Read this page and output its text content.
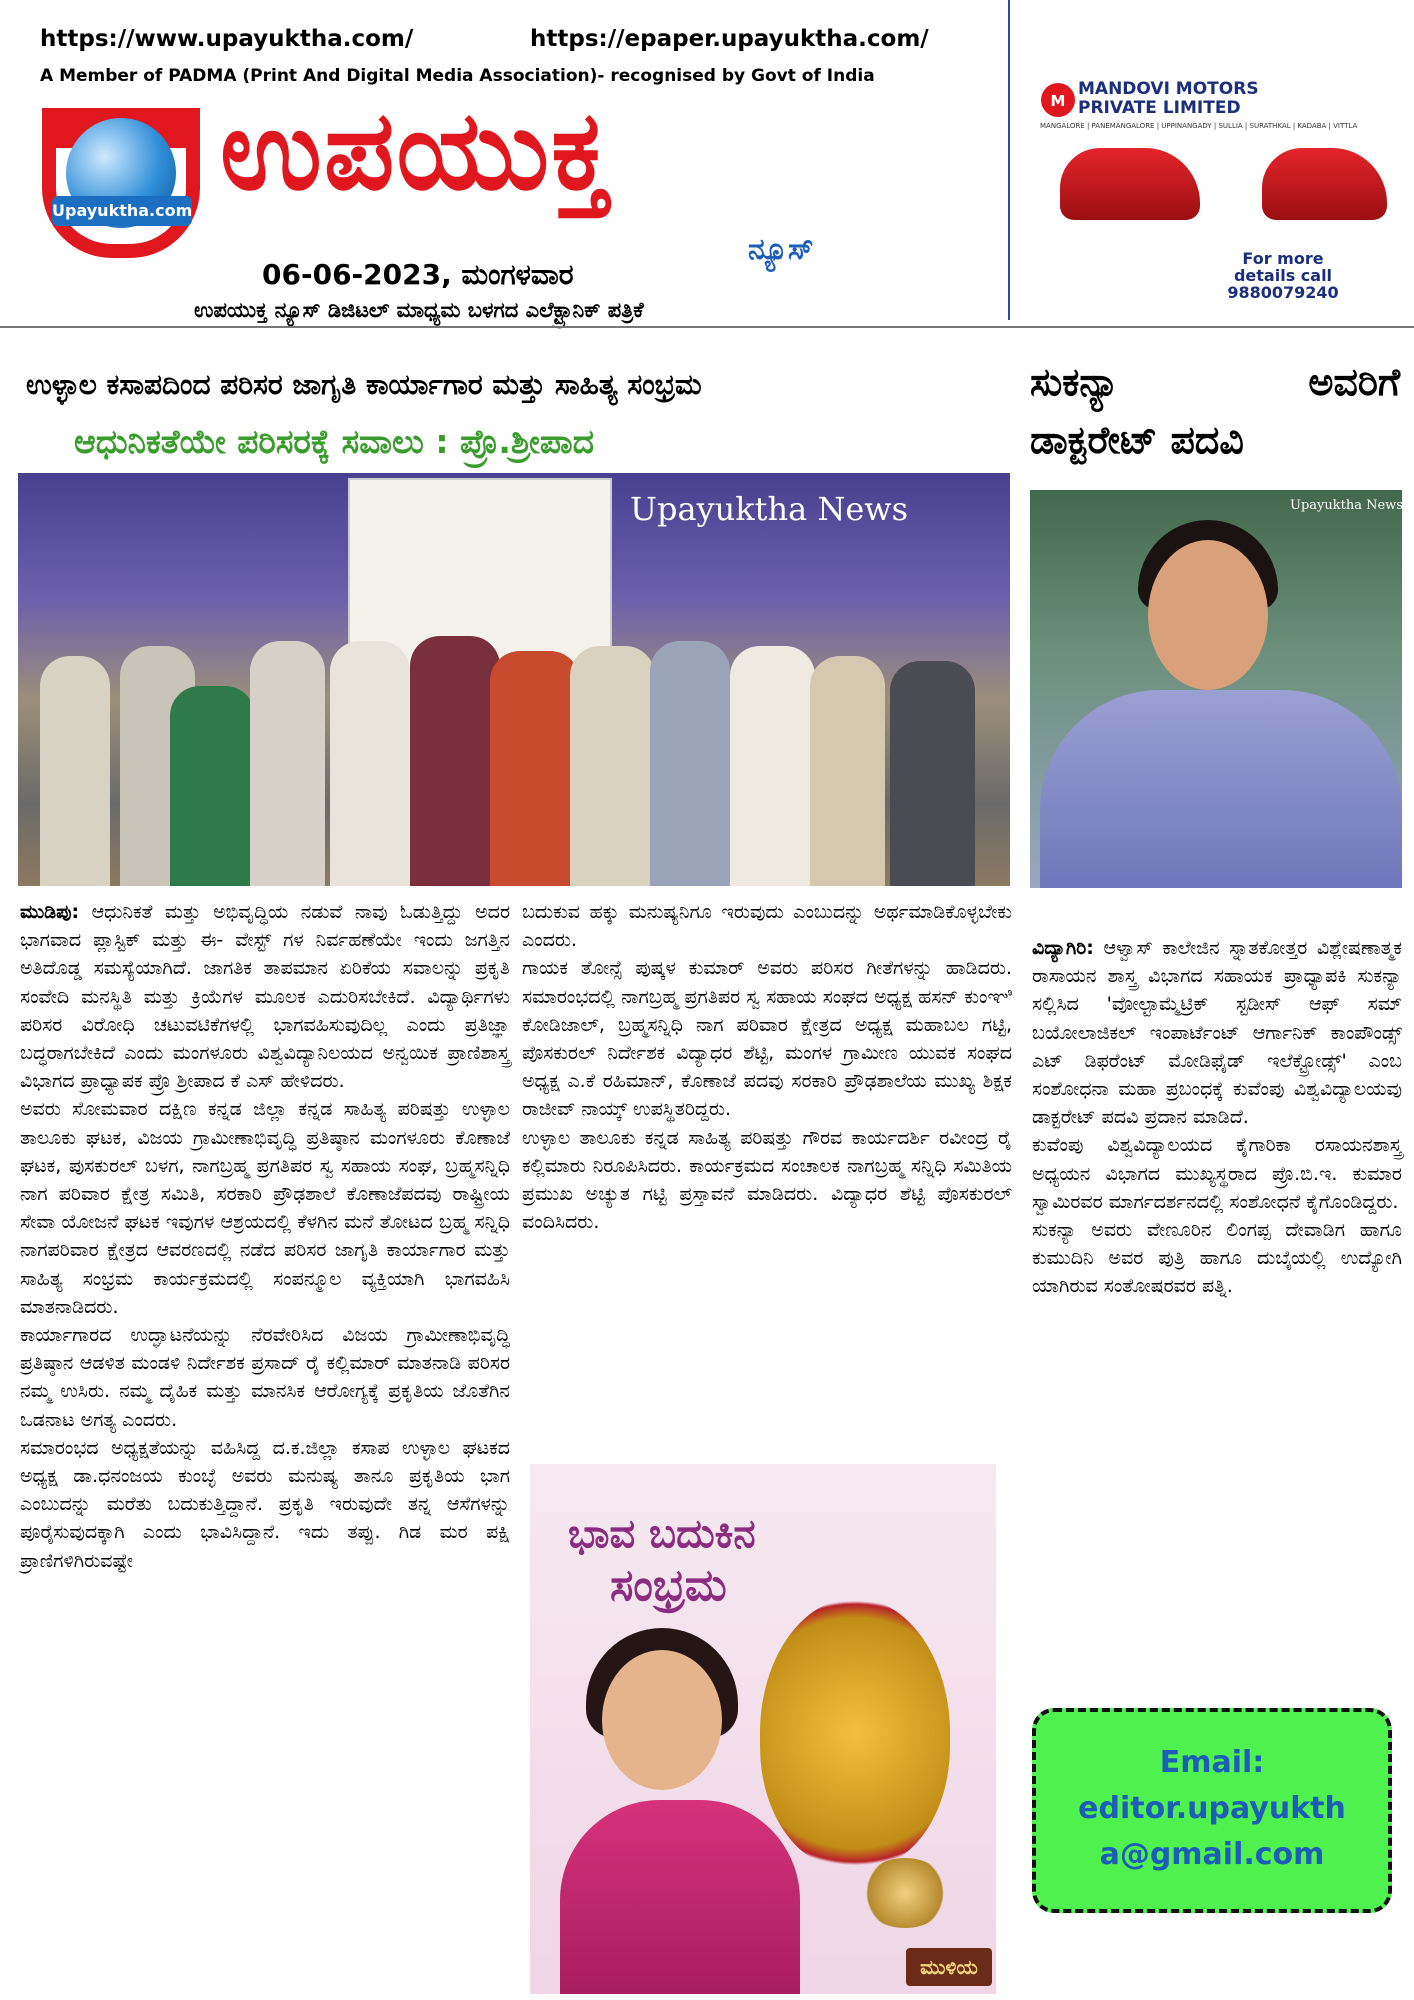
https://www.upayuktha.com/	https://epaper.upayuktha.com/
A Member of PADMA (Print And Digital Media Association)- recognised by Govt of India
Upayuktha.com ಉಪಯುಕ್ತ
ನ್ಯೂಸ್
06-06-2023, ಮಂಗಳವಾರ
ಉಪಯುಕ್ತ ನ್ಯೂಸ್ ಡಿಜಿಟಲ್ ಮಾಧ್ಯಮ ಬಳಗದ ಎಲೆಕ್ಟ್ರಾನಿಕ್ ಪತ್ರಿಕೆ
M
MANDOVI MOTORS PRIVATE LIMITED
MANGALORE | PANEMANGALORE | UPPINANGADY | SULLIA | SURATHKAL | KADABA | VITTLA
For more details call
9880079240
ಉಳ್ಳಾಲ ಕಸಾಪದಿಂದ ಪರಿಸರ ಜಾಗೃತಿ ಕಾರ್ಯಾಗಾರ ಮತ್ತು ಸಾಹಿತ್ಯ ಸಂಭ್ರಮ
ಆಧುನಿಕತೆಯೇ ಪರಿಸರಕ್ಕೆ ಸವಾಲು : ಪ್ರೊ.ಶ್ರೀಪಾದ
ಸುಕನ್ಯಾ	ಅವರಿಗೆ
ಡಾಕ್ಟರೇಟ್ ಪದವಿ
Upayuktha News	Upayuktha News

ಮುಡಿಪು: ಆಧುನಿಕತೆ ಮತ್ತು ಅಭಿವೃದ್ಧಿಯ ನಡುವೆ ನಾವು ಓಡುತ್ತಿದ್ದು ಅದರ ಭಾಗವಾದ ಪ್ಲಾಸ್ಟಿಕ್ ಮತ್ತು ಈ- ವೇಸ್ಟ್ ಗಳ ನಿರ್ವಹಣೆಯೇ ಇಂದು ಜಗತ್ತಿನ ಅತಿದೊಡ್ಡ ಸಮಸ್ಯೆಯಾಗಿದೆ. ಜಾಗತಿಕ ತಾಪಮಾನ ಏರಿಕೆಯ ಸವಾಲನ್ನು ಪ್ರಕೃತಿ ಸಂವೇದಿ ಮನಸ್ಥಿತಿ ಮತ್ತು ಕ್ರಿಯೆಗಳ ಮೂಲಕ ಎದುರಿಸಬೇಕಿದೆ. ವಿದ್ಯಾರ್ಥಿಗಳು ಪರಿಸರ ವಿರೋಧಿ ಚಟುವಟಿಕೆಗಳಲ್ಲಿ ಭಾಗವಹಿಸುವುದಿಲ್ಲ ಎಂದು ಪ್ರತಿಜ್ಞಾ ಬದ್ಧರಾಗಬೇಕಿದೆ ಎಂದು ಮಂಗಳೂರು ವಿಶ್ವವಿದ್ಯಾನಿಲಯದ ಅನ್ವಯಿಕ ಪ್ರಾಣಿಶಾಸ್ತ್ರ ವಿಭಾಗದ ಪ್ರಾಧ್ಯಾಪಕ ಪ್ರೊ ಶ್ರೀಪಾದ ಕೆ ಎಸ್ ಹೇಳಿದರು.

ಅವರು ಸೋಮವಾರ ದಕ್ಷಿಣ ಕನ್ನಡ ಜಿಲ್ಲಾ ಕನ್ನಡ ಸಾಹಿತ್ಯ ಪರಿಷತ್ತು ಉಳ್ಳಾಲ ತಾಲೂಕು ಘಟಕ, ವಿಜಯ ಗ್ರಾಮೀಣಾಭಿವೃದ್ಧಿ ಪ್ರತಿಷ್ಠಾನ ಮಂಗಳೂರು ಕೊಣಾಜೆ ಘಟಕ, ಪುಸಕುರಲ್ ಬಳಗ, ನಾಗಬ್ರಹ್ಮ ಪ್ರಗತಿಪರ ಸ್ವ ಸಹಾಯ ಸಂಘ, ಬ್ರಹ್ಮಸನ್ನಿಧಿ ನಾಗ ಪರಿವಾರ ಕ್ಷೇತ್ರ ಸಮಿತಿ, ಸರಕಾರಿ ಪ್ರೌಢಶಾಲೆ ಕೊಣಾಜೆಪದವು ರಾಷ್ಟ್ರೀಯ ಸೇವಾ ಯೋಜನೆ ಘಟಕ ಇವುಗಳ ಆಶ್ರಯದಲ್ಲಿ ಕೆಳಗಿನ ಮನೆ ತೋಟದ ಬ್ರಹ್ಮ ಸನ್ನಿಧಿ ನಾಗಪರಿವಾರ ಕ್ಷೇತ್ರದ ಆವರಣದಲ್ಲಿ ನಡೆದ ಪರಿಸರ ಜಾಗೃತಿ ಕಾರ್ಯಾಗಾರ ಮತ್ತು ಸಾಹಿತ್ಯ ಸಂಭ್ರಮ ಕಾರ್ಯಕ್ರಮದಲ್ಲಿ ಸಂಪನ್ಮೂಲ ವ್ಯಕ್ತಿಯಾಗಿ ಭಾಗವಹಿಸಿ ಮಾತನಾಡಿದರು.

ಕಾರ್ಯಾಗಾರದ ಉದ್ಘಾಟನೆಯನ್ನು ನೆರವೇರಿಸಿದ ವಿಜಯ ಗ್ರಾಮೀಣಾಭಿವೃದ್ಧಿ ಪ್ರತಿಷ್ಠಾನ ಆಡಳಿತ ಮಂಡಳಿ ನಿರ್ದೇಶಕ ಪ್ರಸಾದ್ ರೈ ಕಲ್ಲಿಮಾರ್ ಮಾತನಾಡಿ ಪರಿಸರ ನಮ್ಮ ಉಸಿರು. ನಮ್ಮ ದೈಹಿಕ ಮತ್ತು ಮಾನಸಿಕ ಆರೋಗ್ಯಕ್ಕೆ ಪ್ರಕೃತಿಯ ಜೊತೆಗಿನ ಒಡನಾಟ ಅಗತ್ಯ ಎಂದರು.

ಸಮಾರಂಭದ ಅಧ್ಯಕ್ಷತೆಯನ್ನು ವಹಿಸಿದ್ದ ದ.ಕ.ಜಿಲ್ಲಾ ಕಸಾಪ ಉಳ್ಳಾಲ ಘಟಕದ ಅಧ್ಯಕ್ಷ ಡಾ.ಧನಂಜಯ ಕುಂಬ್ಳೆ ಅವರು ಮನುಷ್ಯ ತಾನೂ ಪ್ರಕೃತಿಯ ಭಾಗ ಎಂಬುದನ್ನು ಮರೆತು ಬದುಕುತ್ತಿದ್ದಾನೆ. ಪ್ರಕೃತಿ ಇರುವುದೇ ತನ್ನ ಆಸೆಗಳನ್ನು ಪೂರೈಸುವುದಕ್ಕಾಗಿ ಎಂದು ಭಾವಿಸಿದ್ದಾನೆ. ಇದು ತಪ್ಪು. ಗಿಡ ಮರ ಪಕ್ಷಿ ಪ್ರಾಣಿಗಳಿಗಿರುವಷ್ಟೇ

ಬದುಕುವ ಹಕ್ಕು ಮನುಷ್ಯನಿಗೂ ಇರುವುದು ಎಂಬುದನ್ನು ಅರ್ಥಮಾಡಿಕೊಳ್ಳಬೇಕು ಎಂದರು.

ಗಾಯಕ ತೋನ್ಸೆ ಪುಷ್ಕಳ ಕುಮಾರ್ ಅವರು ಪರಿಸರ ಗೀತೆಗಳನ್ನು ಹಾಡಿದರು. ಸಮಾರಂಭದಲ್ಲಿ ನಾಗಬ್ರಹ್ಮ ಪ್ರಗತಿಪರ ಸ್ವ ಸಹಾಯ ಸಂಘದ ಅಧ್ಯಕ್ಷ ಹಸನ್ ಕುಂಞಿ ಕೋಡಿಜಾಲ್, ಬ್ರಹ್ಮಸನ್ನಿಧಿ ನಾಗ ಪರಿವಾರ ಕ್ಷೇತ್ರದ ಅಧ್ಯಕ್ಷ ಮಹಾಬಲ ಗಟ್ಟಿ, ಪೊಸಕುರಲ್ ನಿರ್ದೇಶಕ ವಿದ್ಯಾಧರ ಶೆಟ್ಟಿ, ಮಂಗಳ ಗ್ರಾಮೀಣ ಯುವಕ ಸಂಘದ ಅಧ್ಯಕ್ಷ ಎ.ಕೆ ರಹಿಮಾನ್, ಕೊಣಾಜೆ ಪದವು ಸರಕಾರಿ ಪ್ರೌಢಶಾಲೆಯ ಮುಖ್ಯ ಶಿಕ್ಷಕ ರಾಜೀವ್ ನಾಯ್ಕ್ ಉಪಸ್ಥಿತರಿದ್ದರು.

ಉಳ್ಳಾಲ ತಾಲೂಕು ಕನ್ನಡ ಸಾಹಿತ್ಯ ಪರಿಷತ್ತು ಗೌರವ ಕಾರ್ಯದರ್ಶಿ ರವೀಂದ್ರ ರೈ ಕಲ್ಲಿಮಾರು ನಿರೂಪಿಸಿದರು. ಕಾರ್ಯಕ್ರಮದ ಸಂಚಾಲಕ ನಾಗಬ್ರಹ್ಮ ಸನ್ನಿಧಿ ಸಮಿತಿಯ ಪ್ರಮುಖ ಅಚ್ಯುತ ಗಟ್ಟಿ ಪ್ರಸ್ತಾವನೆ ಮಾಡಿದರು. ವಿದ್ಯಾಧರ ಶೆಟ್ಟಿ ಪೊಸಕುರಲ್ ವಂದಿಸಿದರು.

ವಿದ್ಯಾಗಿರಿ: ಆಳ್ವಾಸ್ ಕಾಲೇಜಿನ ಸ್ನಾತಕೋತ್ತರ ವಿಶ್ಲೇಷಣಾತ್ಮಕ ರಾಸಾಯನ ಶಾಸ್ತ್ರ ವಿಭಾಗದ ಸಹಾಯಕ ಪ್ರಾಧ್ಯಾಪಕಿ ಸುಕನ್ಯಾ ಸಲ್ಲಿಸಿದ 'ವೋಲ್ಟಾಮ್ಮೆಟ್ರಿಕ್ ಸ್ಟಡೀಸ್ ಆಫ್ ಸಮ್ ಬಯೋಲಾಜಿಕಲ್ ಇಂಪಾರ್ಟೆಂಟ್ ಆರ್ಗಾನಿಕ್ ಕಾಂಪೌಂಡ್ಸ್ ಎಟ್ ಡಿಫರೆಂಟ್ ಮೋಡಿಫೈಡ್ ಇಲೆಕ್ಟ್ರೋಡ್ಸ್' ಎಂಬ ಸಂಶೋಧನಾ ಮಹಾ ಪ್ರಬಂಧಕ್ಕೆ ಕುವೆಂಪು ವಿಶ್ವವಿದ್ಯಾಲಯವು ಡಾಕ್ಟರೇಟ್ ಪದವಿ ಪ್ರದಾನ ಮಾಡಿದೆ.

ಕುವೆಂಪು ವಿಶ್ವವಿದ್ಯಾಲಯದ ಕೈಗಾರಿಕಾ ರಸಾಯನಶಾಸ್ತ್ರ ಅಧ್ಯಯನ ವಿಭಾಗದ ಮುಖ್ಯಸ್ಥರಾದ ಪ್ರೊ.ಬಿ.ಇ. ಕುಮಾರ ಸ್ವಾಮಿರವರ ಮಾರ್ಗದರ್ಶನದಲ್ಲಿ ಸಂಶೋಧನೆ ಕೈಗೊಂಡಿದ್ದರು.

ಸುಕನ್ಯಾ ಅವರು ವೇಣೂರಿನ ಲಿಂಗಪ್ಪ ದೇವಾಡಿಗ ಹಾಗೂ ಕುಮುದಿನಿ ಅವರ ಪುತ್ರಿ ಹಾಗೂ ದುಬೈಯಲ್ಲಿ ಉದ್ಯೋಗಿ ಯಾಗಿರುವ ಸಂತೋಷರವರ ಪತ್ನಿ.

ಭಾವ ಬದುಕಿನ
ಸಂಭ್ರಮ
ಮುಳಿಯ
Email:
editor.upayukth
a@gmail.com
